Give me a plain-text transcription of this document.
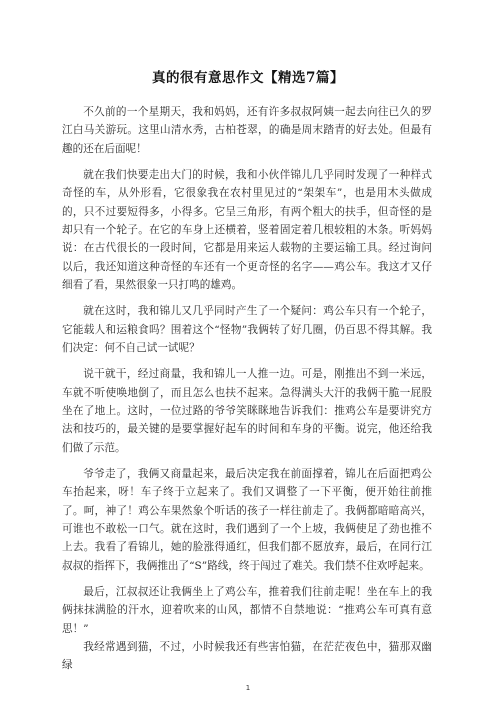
真的很有意思作文【精选7篇】

不久前的一个星期天，我和妈妈，还有许多叔叔阿姨一起去向往已久的罗江白马关游玩。这里山清水秀，古柏苍翠，的确是周末踏青的好去处。但最有趣的还在后面呢！

就在我们快要走出大门的时候，我和小伙伴锦儿几乎同时发现了一种样式奇怪的车，从外形看，它很象我在农村里见过的“架架车”，也是用木头做成的，只不过要短得多，小得多。它呈三角形，有两个粗大的扶手，但奇怪的是却只有一个轮子。在它的车身上还横着，竖着固定着几根较粗的木条。听妈妈说：在古代很长的一段时间，它都是用来运人载物的主要运输工具。经过询问以后，我还知道这种奇怪的车还有一个更奇怪的名字——鸡公车。我这才又仔细看了看，果然很象一只打鸣的雄鸡。

就在这时，我和锦儿又几乎同时产生了一个疑问：鸡公车只有一个轮子，它能载人和运粮食吗？围着这个“怪物”我俩转了好几圈，仍百思不得其解。我们决定：何不自己试一试呢？

说干就干，经过商量，我和锦儿一人推一边。可是，刚推出不到一米远，车就不听使唤地倒了，而且怎么也扶不起来。急得满头大汗的我俩干脆一屁股坐在了地上。这时，一位过路的爷爷笑眯眯地告诉我们：推鸡公车是要讲究方法和技巧的，最关键的是要掌握好起车的时间和车身的平衡。说完，他还给我们做了示范。

爷爷走了，我俩又商量起来，最后决定我在前面撑着，锦儿在后面把鸡公车抬起来，呀！车子终于立起来了。我们又调整了一下平衡，便开始往前推了。呵，神了！鸡公车果然象个听话的孩子一样往前走了。我俩都暗暗高兴，可谁也不敢松一口气。就在这时，我们遇到了一个上坡，我俩使足了劲也推不上去。我看了看锦儿，她的脸涨得通红，但我们都不愿放弃，最后，在同行江叔叔的指挥下，我俩推出了“S”路线，终于闯过了难关。我们禁不住欢呼起来。

最后，江叔叔还让我俩坐上了鸡公车，推着我们往前走呢！坐在车上的我俩抹抹满脸的汗水，迎着吹来的山风，都情不自禁地说：“推鸡公车可真有意思！”

我经常遇到猫，不过，小时候我还有些害怕猫，在茫茫夜色中，猫那双幽绿

1
